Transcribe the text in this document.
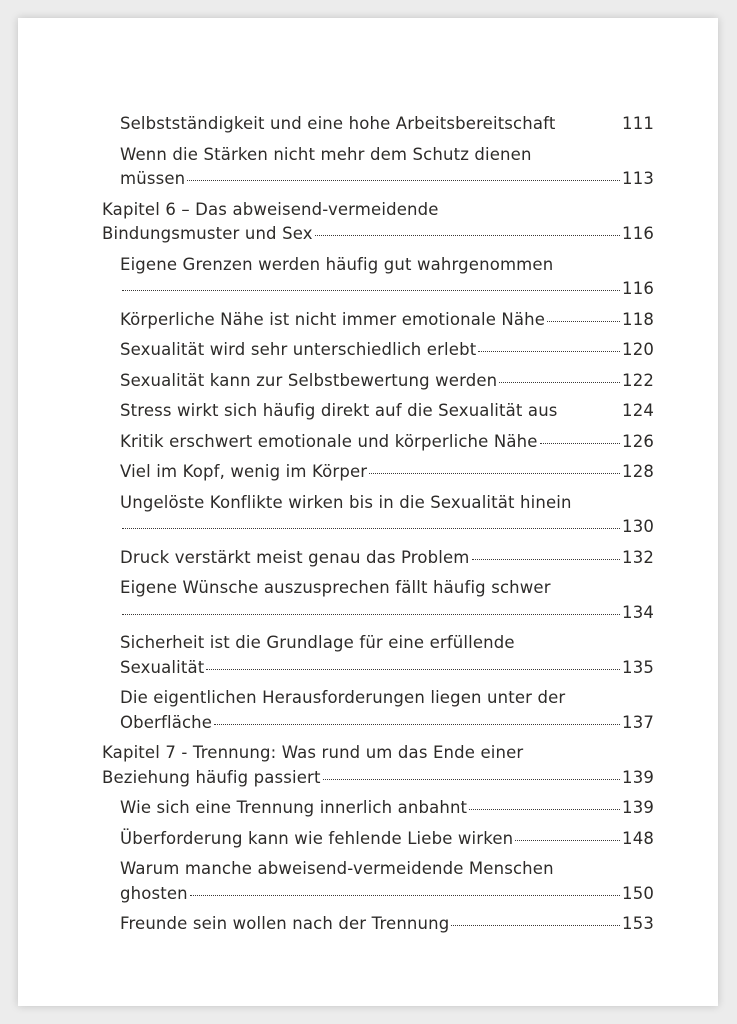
Selbstständigkeit und eine hohe Arbeitsbereitschaft	111
Wenn die Stärken nicht mehr dem Schutz dienen
müssen	113
Kapitel 6 – Das abweisend-vermeidende
Bindungsmuster und Sex	116
Eigene Grenzen werden häufig gut wahrgenommen
116
Körperliche Nähe ist nicht immer emotionale Nähe	118
Sexualität wird sehr unterschiedlich erlebt	120
Sexualität kann zur Selbstbewertung werden	122
Stress wirkt sich häufig direkt auf die Sexualität aus	124
Kritik erschwert emotionale und körperliche Nähe	126
Viel im Kopf, wenig im Körper	128
Ungelöste Konflikte wirken bis in die Sexualität hinein
130
Druck verstärkt meist genau das Problem	132
Eigene Wünsche auszusprechen fällt häufig schwer
134
Sicherheit ist die Grundlage für eine erfüllende
Sexualität	135
Die eigentlichen Herausforderungen liegen unter der
Oberfläche	137
Kapitel 7 - Trennung: Was rund um das Ende einer
Beziehung häufig passiert	139
Wie sich eine Trennung innerlich anbahnt	139
Überforderung kann wie fehlende Liebe wirken	148
Warum manche abweisend-vermeidende Menschen
ghosten	150
Freunde sein wollen nach der Trennung	153
